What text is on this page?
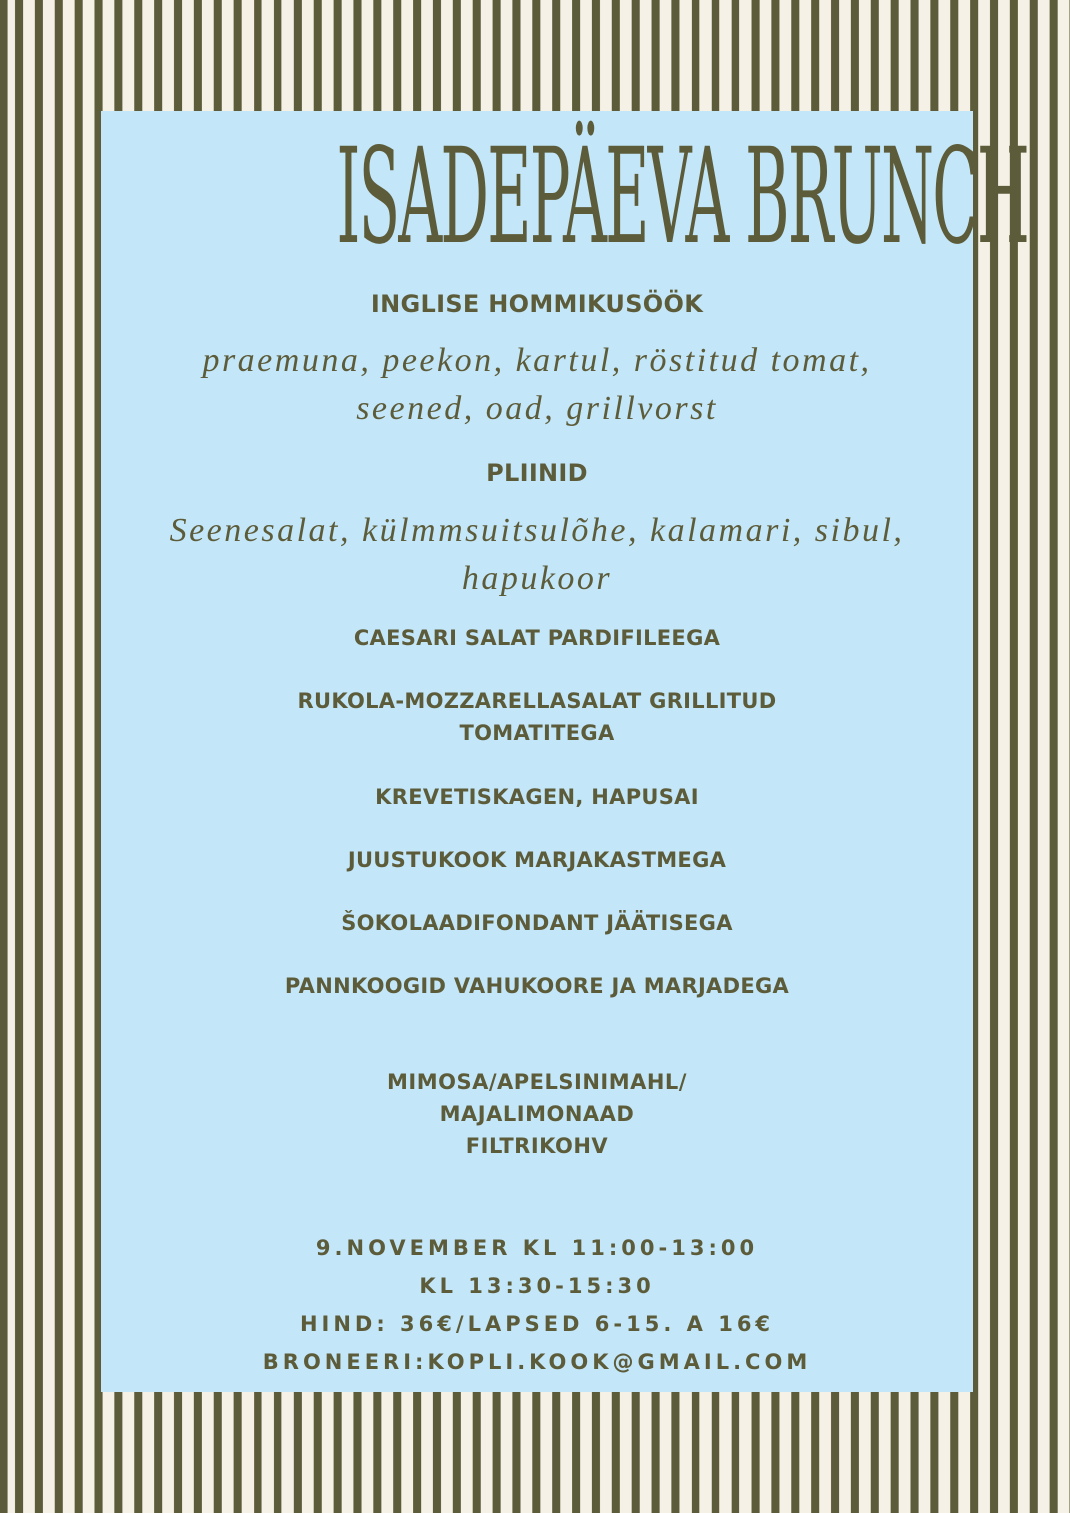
ISADEPÄEVA BRUNCH
INGLISE HOMMIKUSÖÖK
praemuna, peekon, kartul, röstitud tomat,
seened, oad, grillvorst
PLIINID
Seenesalat, külmmsuitsulõhe, kalamari, sibul,
hapukoor
CAESARI SALAT PARDIFILEEGA
RUKOLA-MOZZARELLASALAT GRILLITUD
TOMATITEGA
KREVETISKAGEN, HAPUSAI
JUUSTUKOOK MARJAKASTMEGA
ŠOKOLAADIFONDANT JÄÄTISEGA
PANNKOOGID VAHUKOORE JA MARJADEGA
MIMOSA/APELSINIMAHL/
MAJALIMONAAD
FILTRIKOHV
9.NOVEMBER KL 11:00-13:00
KL 13:30-15:30
HIND: 36€/LAPSED 6-15. A 16€
BRONEERI:KOPLI.KOOK@GMAIL.COM
